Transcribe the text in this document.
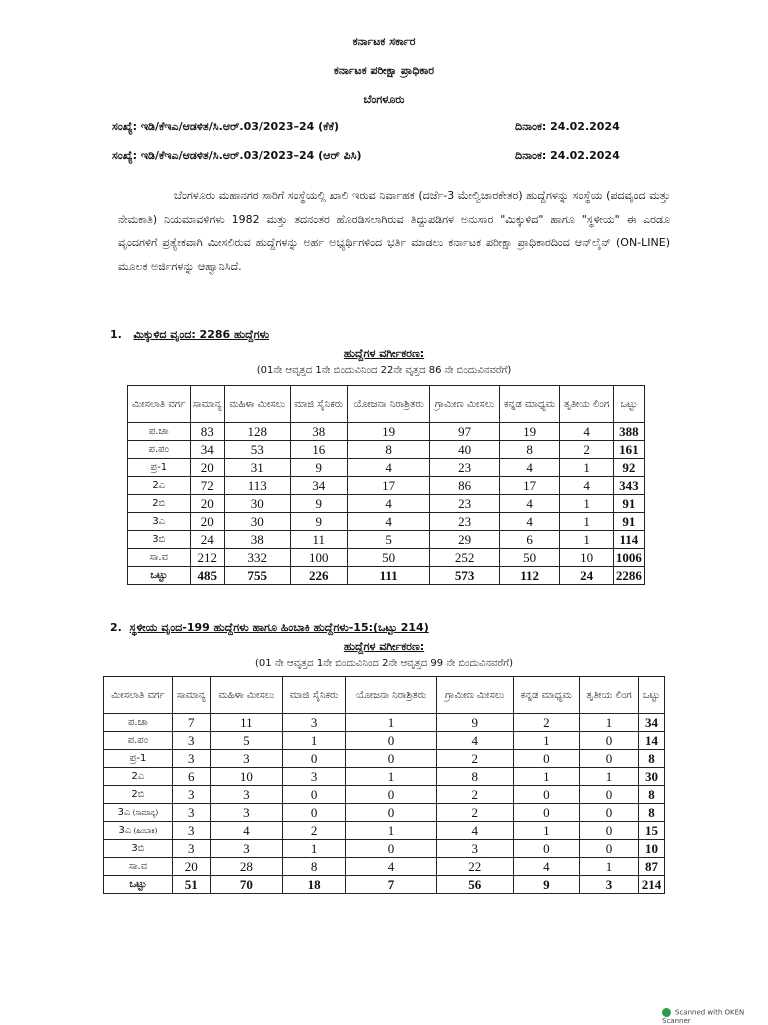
ಕರ್ನಾಟಕ ಸರ್ಕಾರ
ಕರ್ನಾಟಕ ಪರೀಕ್ಷಾ ಪ್ರಾಧಿಕಾರ
ಬೆಂಗಳೂರು
ಸಂಖ್ಯೆ: ಇಡಿ/ಕೆಇಎ/ಆಡಳಿತ/ಸಿ.ಆರ್.03/2023–24 (ಕೆಕೆ)	ದಿನಾಂಕ: 24.02.2024
ಸಂಖ್ಯೆ: ಇಡಿ/ಕೆಇಎ/ಆಡಳಿತ/ಸಿ.ಆರ್.03/2023–24 (ಆರ್ ಪಿಸಿ)	ದಿನಾಂಕ: 24.02.2024
ಬೆಂಗಳೂರು ಮಹಾನಗರ ಸಾರಿಗೆ ಸಂಸ್ಥೆಯಲ್ಲಿ ಖಾಲಿ ಇರುವ ನಿರ್ವಾಹಕ (ದರ್ಜೆ-3 ಮೇಲ್ವಿಚಾರಕೇತರ) ಹುದ್ದೆಗಳನ್ನು ಸಂಸ್ಥೆಯ (ಪದವೃಂದ ಮತ್ತು ನೇಮಕಾತಿ) ನಿಯಮಾವಳಿಗಳು 1982 ಮತ್ತು ತದನಂತರ ಹೊರಡಿಸಲಾಗಿರುವ ತಿದ್ದುಪಡಿಗಳ ಅನುಸಾರ "ಮಿಕ್ಕುಳಿದ" ಹಾಗೂ "ಸ್ಥಳೀಯ" ಈ ಎರಡೂ ವೃಂದಗಳಿಗೆ ಪ್ರತ್ಯೇಕವಾಗಿ ಮೀಸಲಿರುವ ಹುದ್ದೆಗಳನ್ನು ಅರ್ಹ ಅಭ್ಯರ್ಥಿಗಳಿಂದ ಭರ್ತಿ ಮಾಡಲು ಕರ್ನಾಟಕ ಪರೀಕ್ಷಾ ಪ್ರಾಧಿಕಾರದಿಂದ ಆನ್‌ಲೈನ್ (ON-LINE) ಮೂಲಕ ಅರ್ಜಿಗಳನ್ನು ಆಹ್ವಾನಿಸಿದೆ.
1. ಮಿಕ್ಕುಳಿದ ವೃಂದ: 2286 ಹುದ್ದೆಗಳು
ಹುದ್ದೆಗಳ ವರ್ಗೀಕರಣ:
(01ನೇ ಆವೃತ್ತದ 1ನೇ ಬಿಂದುವಿನಿಂದ 22ನೇ ವೃತ್ತದ 86 ನೇ ಬಿಂದುವಿನವರೆಗೆ)
ಮೀಸಲಾತಿ ವರ್ಗ	ಸಾಮಾನ್ಯ	ಮಹಿಳಾ ಮೀಸಲು	ಮಾಜಿ ಸೈನಿಕರು	ಯೋಜನಾ ನಿರಾಶ್ರಿತರು	ಗ್ರಾಮೀಣ ಮೀಸಲು	ಕನ್ನಡ ಮಾಧ್ಯಮ	ತೃತೀಯ ಲಿಂಗ	ಒಟ್ಟು
ಪ.ಜಾ	83	128	38	19	97	19	4	388
ಪ.ಪಂ	34	53	16	8	40	8	2	161
ಪ್ರ-1	20	31	9	4	23	4	1	92
2ಎ	72	113	34	17	86	17	4	343
2ಬಿ	20	30	9	4	23	4	1	91
3ಎ	20	30	9	4	23	4	1	91
3ಬಿ	24	38	11	5	29	6	1	114
ಸಾ.ವ	212	332	100	50	252	50	10	1006
ಒಟ್ಟು	485	755	226	111	573	112	24	2286
2. ಸ್ಥಳೀಯ ವೃಂದ-199 ಹುದ್ದೆಗಳು ಹಾಗೂ ಹಿಂಬಾಕಿ ಹುದ್ದೆಗಳು-15:(ಒಟ್ಟು 214)
ಹುದ್ದೆಗಳ ವರ್ಗೀಕರಣ:
(01 ನೇ ಆವೃತ್ತದ 1ನೇ ಬಿಂದುವಿನಿಂದ 2ನೇ ಆವೃತ್ತದ 99 ನೇ ಬಿಂದುವಿನವರೆಗೆ)
ಮೀಸಲಾತಿ ವರ್ಗ	ಸಾಮಾನ್ಯ	ಮಹಿಳಾ ಮೀಸಲು	ಮಾಜಿ ಸೈನಿಕರು	ಯೋಜನಾ ನಿರಾಶ್ರಿತರು	ಗ್ರಾಮೀಣ ಮೀಸಲು	ಕನ್ನಡ ಮಾಧ್ಯಮ	ತೃತೀಯ ಲಿಂಗ	ಒಟ್ಟು
ಪ.ಜಾ	7	11	3	1	9	2	1	34
ಪ.ಪಂ	3	5	1	0	4	1	0	14
ಪ್ರ-1	3	3	0	0	2	0	0	8
2ಎ	6	10	3	1	8	1	1	30
2ಬಿ	3	3	0	0	2	0	0	8
3ಎ (ಸಾಮಾನ್ಯ)	3	3	0	0	2	0	0	8
3ಎ (ಹಿಂಬಾಕಿ)	3	4	2	1	4	1	0	15
3ಬಿ	3	3	1	0	3	0	0	10
ಸಾ.ವ	20	28	8	4	22	4	1	87
ಒಟ್ಟು	51	70	18	7	56	9	3	214
Scanned with OKEN Scanner
